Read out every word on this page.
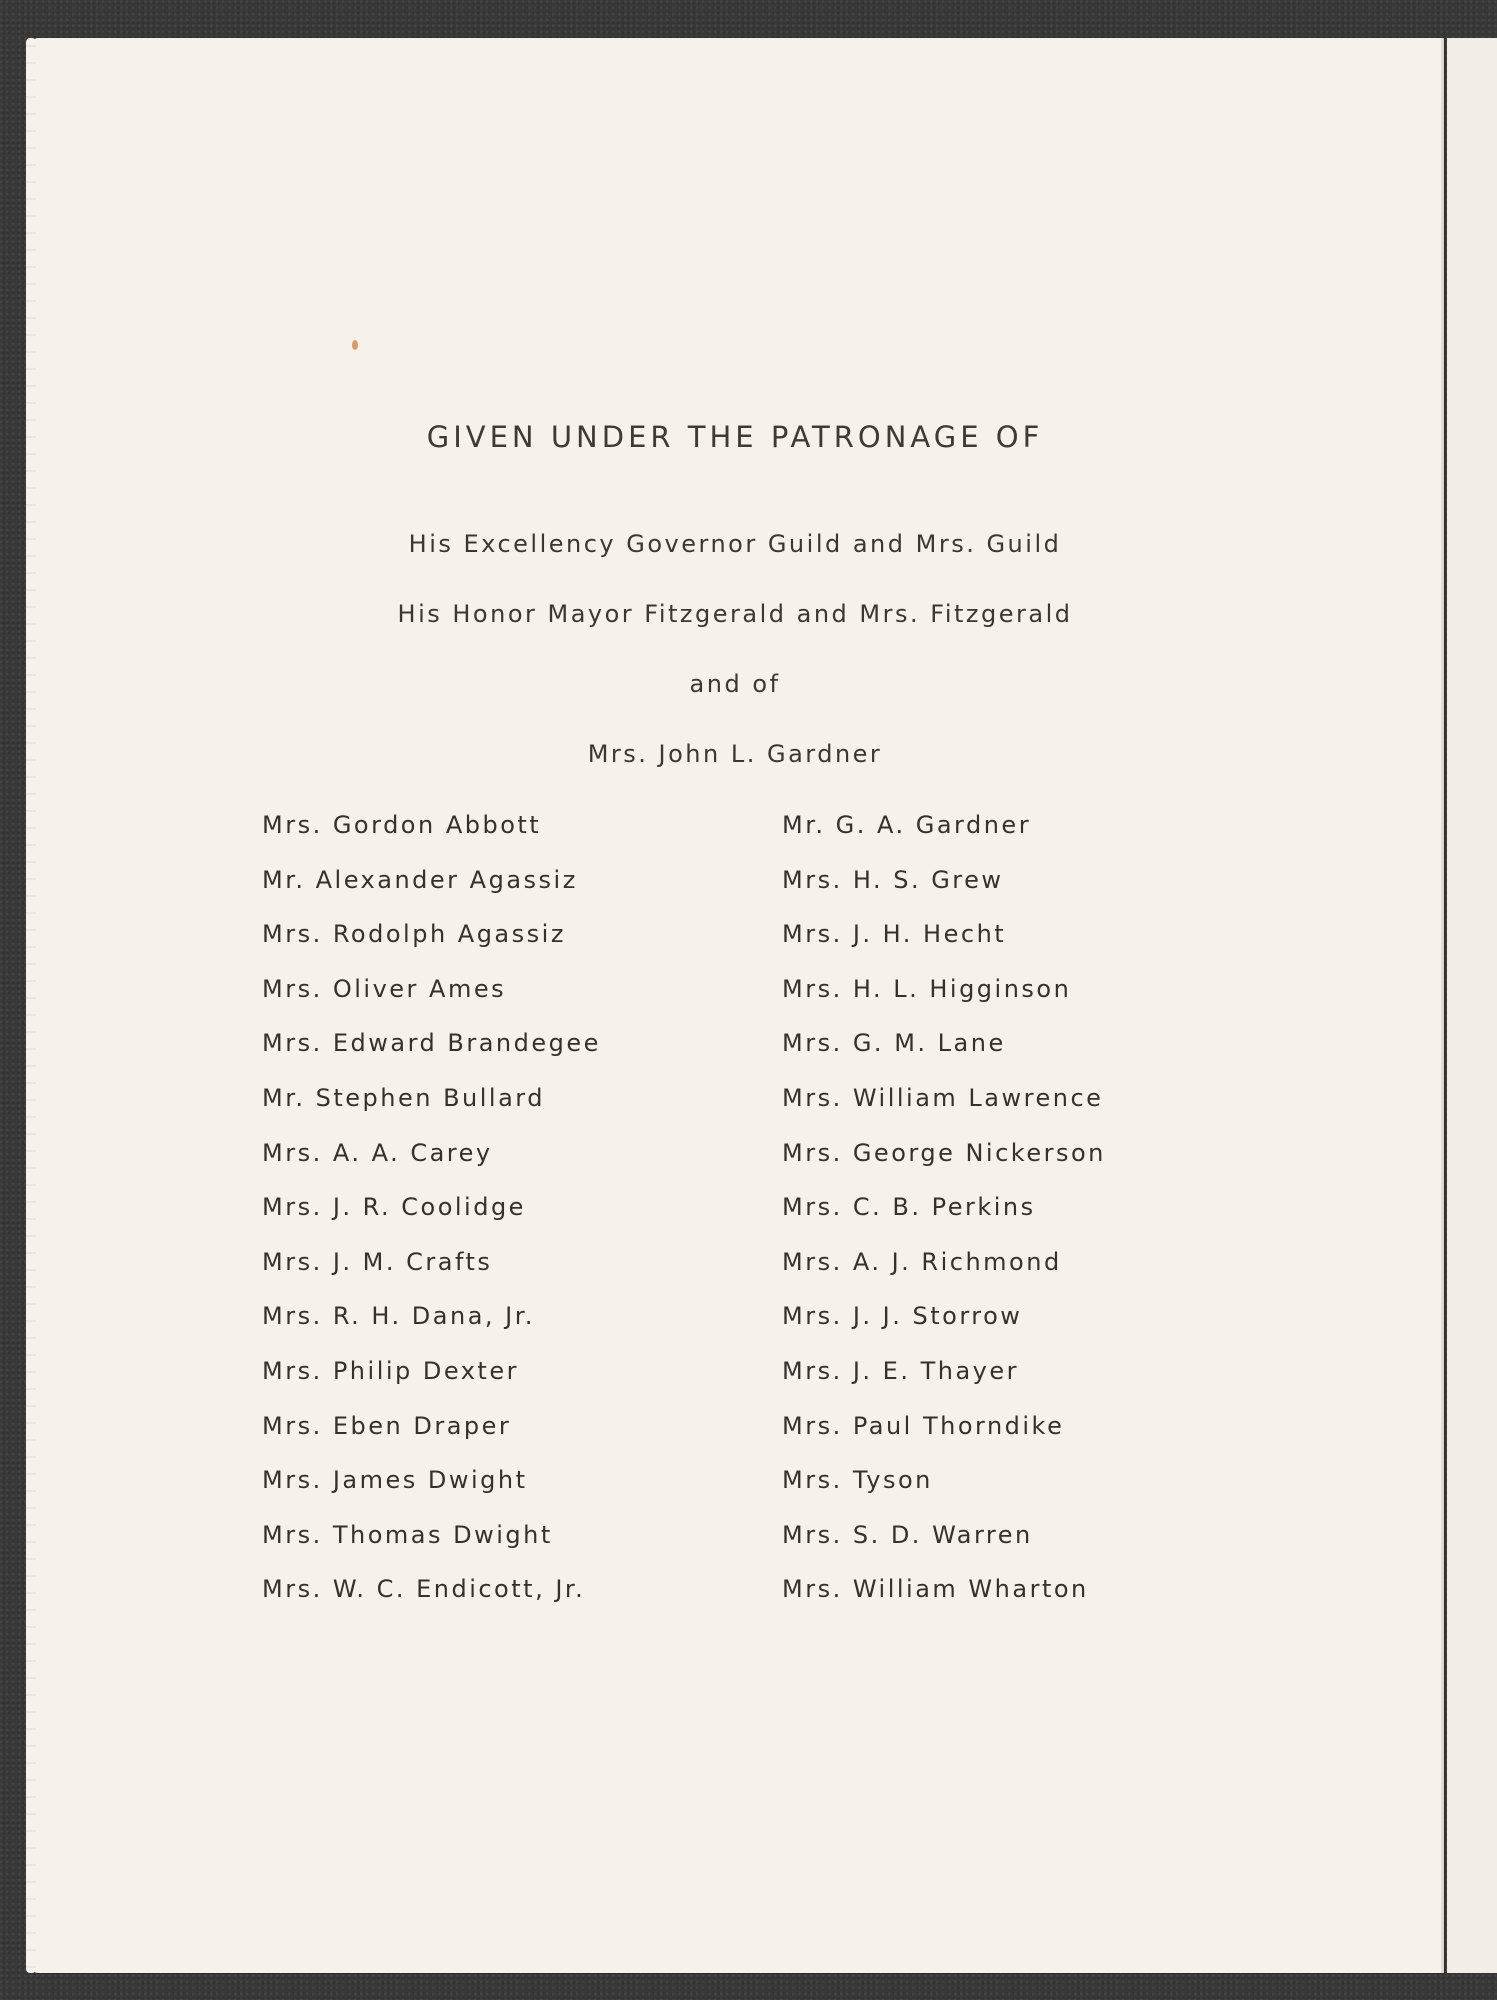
GIVEN UNDER THE PATRONAGE OF
His Excellency Governor Guild and Mrs. Guild
His Honor Mayor Fitzgerald and Mrs. Fitzgerald
and of
Mrs. John L. Gardner
Mrs. Gordon Abbott
Mr. Alexander Agassiz
Mrs. Rodolph Agassiz
Mrs. Oliver Ames
Mrs. Edward Brandegee
Mr. Stephen Bullard
Mrs. A. A. Carey
Mrs. J. R. Coolidge
Mrs. J. M. Crafts
Mrs. R. H. Dana, Jr.
Mrs. Philip Dexter
Mrs. Eben Draper
Mrs. James Dwight
Mrs. Thomas Dwight
Mrs. W. C. Endicott, Jr.
Mr. G. A. Gardner
Mrs. H. S. Grew
Mrs. J. H. Hecht
Mrs. H. L. Higginson
Mrs. G. M. Lane
Mrs. William Lawrence
Mrs. George Nickerson
Mrs. C. B. Perkins
Mrs. A. J. Richmond
Mrs. J. J. Storrow
Mrs. J. E. Thayer
Mrs. Paul Thorndike
Mrs. Tyson
Mrs. S. D. Warren
Mrs. William Wharton
